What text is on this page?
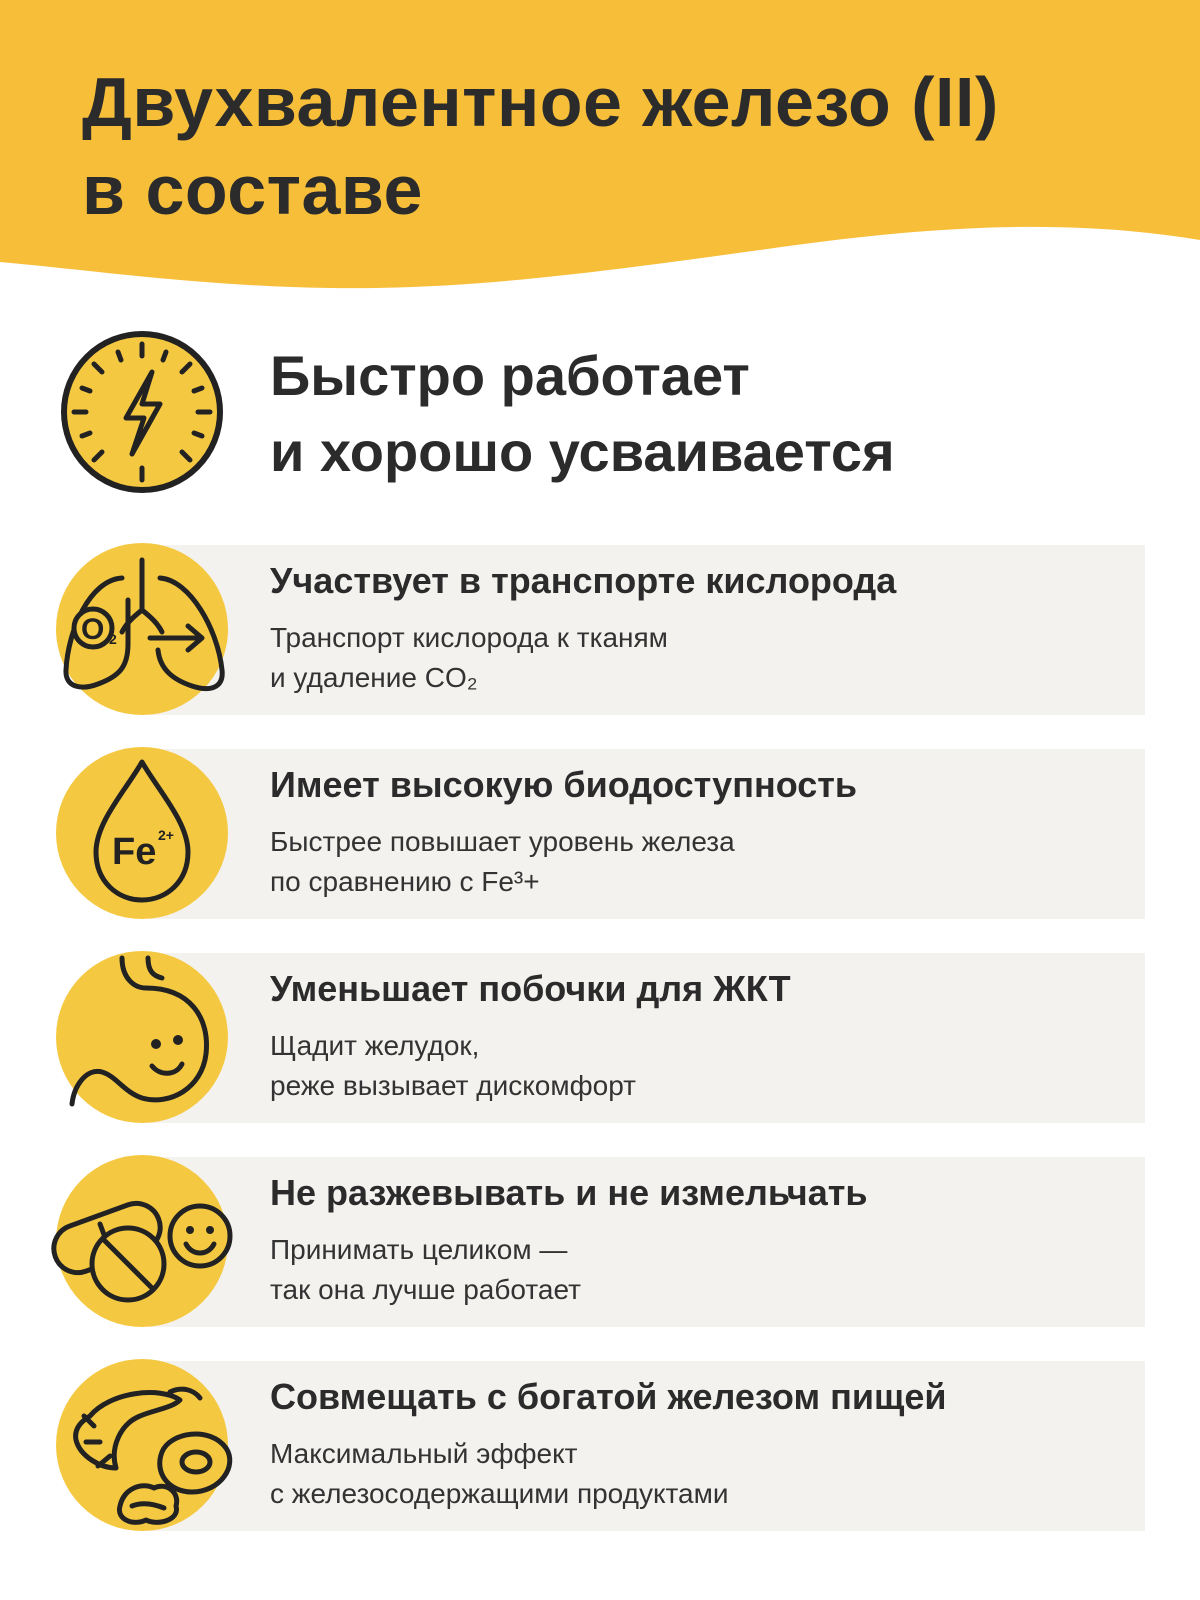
Двухвалентное железо (II)
в составе
Быстро работает
и хорошо усваивается
O 2
Участвует в транспорте кислорода
Транспорт кислорода к тканям
и удаление CO₂
Fe 2+
Имеет высокую биодоступность
Быстрее повышает уровень железа
по сравнению с Fe³+
Уменьшает побочки для ЖКТ
Щадит желудок,
реже вызывает дискомфорт
Не разжевывать и не измельчать
Принимать целиком —
так она лучше работает
Совмещать с богатой железом пищей
Максимальный эффект
с железосодержащими продуктами
